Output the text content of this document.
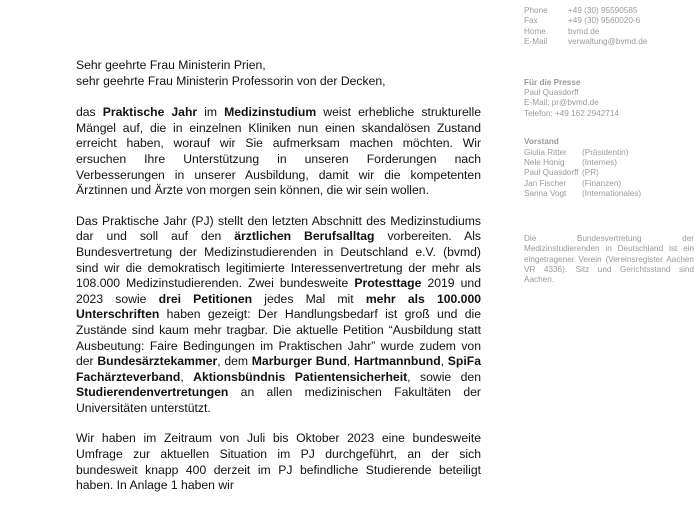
Sehr geehrte Frau Ministerin Prien,

sehr geehrte Frau Ministerin Professorin von der Decken,

das Praktische Jahr im Medizinstudium weist erhebliche strukturelle Mängel auf, die in einzelnen Kliniken nun einen skandalösen Zustand erreicht haben, worauf wir Sie aufmerksam machen möchten. Wir ersuchen Ihre Unterstützung in unseren Forderungen nach Verbesserungen in unserer Ausbildung, damit wir die kompetenten Ärztinnen und Ärzte von morgen sein können, die wir sein wollen.

Das Praktische Jahr (PJ) stellt den letzten Abschnitt des Medizinstudiums dar und soll auf den ärztlichen Berufsalltag vorbereiten. Als Bundesvertretung der Medizinstudierenden in Deutschland e.V. (bvmd) sind wir die demokratisch legitimierte Interessenvertretung der mehr als 108.000 Medizinstudierenden. Zwei bundesweite Protesttage 2019 und 2023 sowie drei Petitionen jedes Mal mit mehr als 100.000 Unterschriften haben gezeigt: Der Handlungsbedarf ist groß und die Zustände sind kaum mehr tragbar. Die aktuelle Petition “Ausbildung statt Ausbeutung: Faire Bedingungen im Praktischen Jahr” wurde zudem von der Bundesärztekammer, dem Marburger Bund, Hartmannbund, SpiFa Fachärzteverband, Aktionsbündnis Patientensicherheit, sowie den Studierendenvertretungen an allen medizinischen Fakultäten der Universitäten unterstützt.

Wir haben im Zeitraum von Juli bis Oktober 2023 eine bundesweite Umfrage zur aktuellen Situation im PJ durchgeführt, an der sich bundesweit knapp 400 derzeit im PJ befindliche Studierende beteiligt haben. In Anlage 1 haben wir

Phone	+49 (30) 95590585
Fax	+49 (30) 9560020-6
Home	bvmd.de
E-Mail	verwaltung@bvmd.de
Für die Presse
Paul Quasdorff
E-Mail: pr@bvmd.de
Telefon: +49 162 2942714
Vorstand
Giulia Ritter	(Präsidentin)
Nele Honig	(Internes)
Paul Quasdorff (PR)
Jan Fischer	(Finanzen)
Sarina Vogt	(Internationales)
Die Bundesvertretung der Medizinstudierenden in Deutschland ist ein eingetragener Verein (Vereinsregister Aachen VR 4336). Sitz und Gerichtsstand sind Aachen.
